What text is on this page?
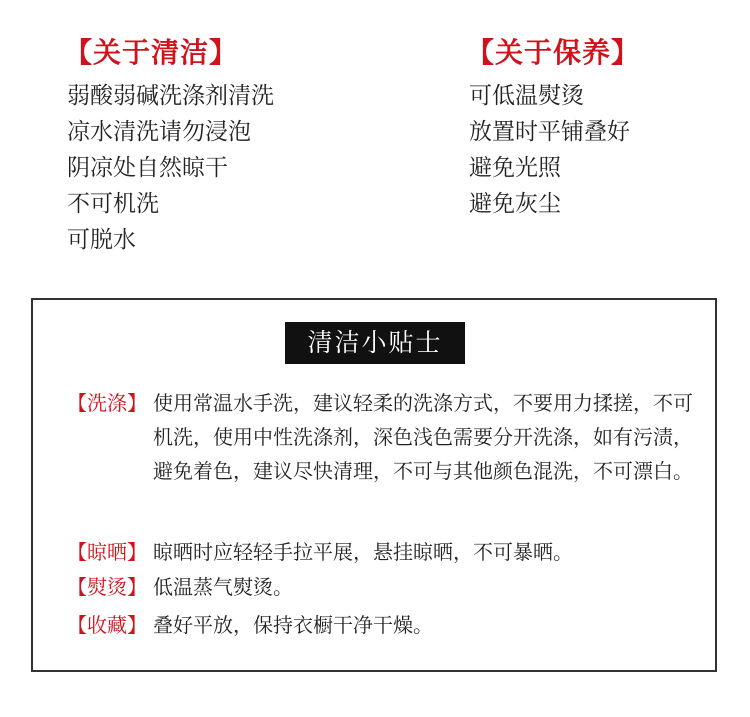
【关于清洁】
弱酸弱碱洗涤剂清洗
凉水清洗请勿浸泡
阴凉处自然晾干
不可机洗
可脱水
【关于保养】
可低温熨烫
放置时平铺叠好
避免光照
避免灰尘
清洁小贴士
【洗涤】 使用常温水手洗，建议轻柔的洗涤方式，不要用力揉搓，不可机洗，使用中性洗涤剂，深色浅色需要分开洗涤，如有污渍，避免着色，建议尽快清理，不可与其他颜色混洗，不可漂白。
【晾晒】 晾晒时应轻轻手拉平展，悬挂晾晒，不可暴晒。
【熨烫】 低温蒸气熨烫。
【收藏】 叠好平放，保持衣橱干净干燥。
